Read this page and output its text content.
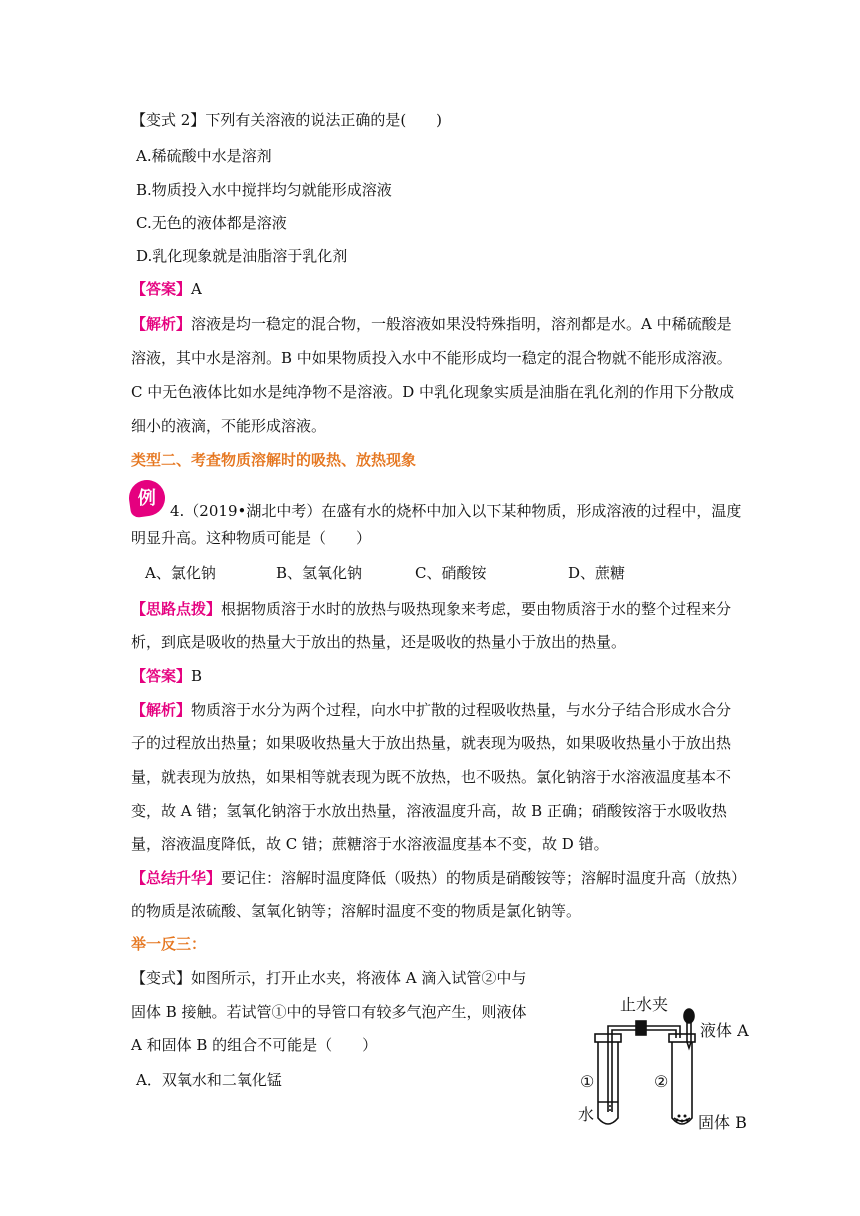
【变式 2】下列有关溶液的说法正确的是(　　)
A.稀硫酸中水是溶剂
B.物质投入水中搅拌均匀就能形成溶液
C.无色的液体都是溶液
D.乳化现象就是油脂溶于乳化剂
【答案】A
【解析】溶液是均一稳定的混合物，一般溶液如果没特殊指明，溶剂都是水。A 中稀硫酸是
溶液，其中水是溶剂。B 中如果物质投入水中不能形成均一稳定的混合物就不能形成溶液。
C 中无色液体比如水是纯净物不是溶液。D 中乳化现象实质是油脂在乳化剂的作用下分散成
细小的液滴，不能形成溶液。
类型二、考查物质溶解时的吸热、放热现象
例
4.（2019•湖北中考）在盛有水的烧杯中加入以下某种物质，形成溶液的过程中，温度
明显升高。这种物质可能是（　　）
A、氯化钠	B、氢氧化钠	C、硝酸铵	D、蔗糖
【思路点拨】根据物质溶于水时的放热与吸热现象来考虑，要由物质溶于水的整个过程来分
析，到底是吸收的热量大于放出的热量，还是吸收的热量小于放出的热量。
【答案】B
【解析】物质溶于水分为两个过程，向水中扩散的过程吸收热量，与水分子结合形成水合分
子的过程放出热量；如果吸收热量大于放出热量，就表现为吸热，如果吸收热量小于放出热
量，就表现为放热，如果相等就表现为既不放热，也不吸热。氯化钠溶于水溶液温度基本不
变，故 A 错；氢氧化钠溶于水放出热量，溶液温度升高，故 B 正确；硝酸铵溶于水吸收热
量，溶液温度降低，故 C 错；蔗糖溶于水溶液温度基本不变，故 D 错。
【总结升华】要记住：溶解时温度降低（吸热）的物质是硝酸铵等；溶解时温度升高（放热）
的物质是浓硫酸、氢氧化钠等；溶解时温度不变的物质是氯化钠等。
举一反三：
【变式】如图所示，打开止水夹，将液体 A 滴入试管②中与
固体 B 接触。若试管①中的导管口有较多气泡产生，则液体
A 和固体 B 的组合不可能是（　　）
A．双氧水和二氧化锰
止水夹
液体 A
①	②
水	固体 B
